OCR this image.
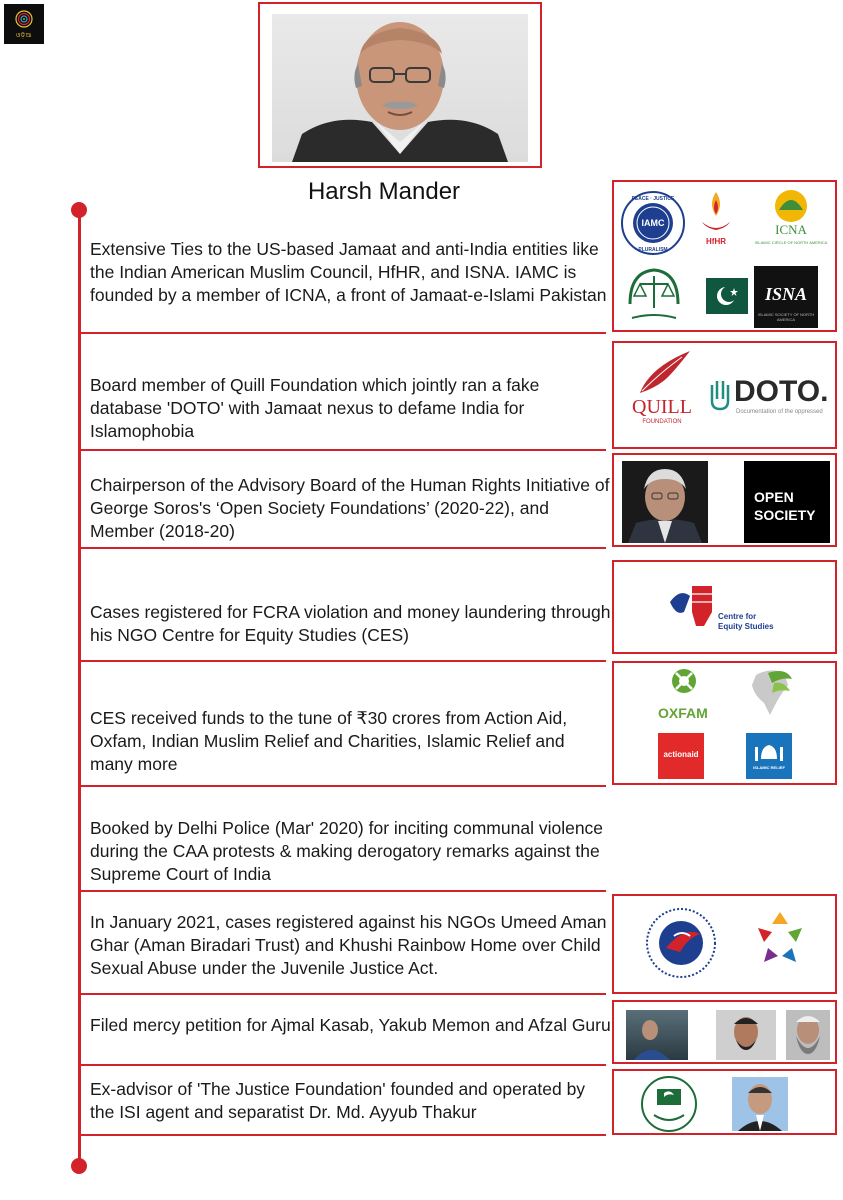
ଓଡ଼ିଆ
Harsh Mander
Extensive Ties to the US-based Jamaat and anti-India entities like the Indian American Muslim Council, HfHR, and ISNA. IAMC is founded by a member of ICNA, a front of Jamaat-e-Islami Pakistan
IAMC
PEACE · JUSTICE
PLURALISM
HfHR
ICNA
ISLAMIC CIRCLE OF NORTH AMERICA
ISNA
ISLAMIC SOCIETY OF NORTH AMERICA
Board member of Quill Foundation which jointly ran a fake database 'DOTO' with Jamaat nexus to defame India for Islamophobia
QUILL
FOUNDATION
DOTO.
Documentation of the oppressed
Chairperson of the Advisory Board of the Human Rights Initiative of George Soros's ‘Open Society Foundations’ (2020-22), and Member (2018-20)
OPEN
SOCIETY
Cases registered for FCRA violation and money laundering through his NGO Centre for Equity Studies (CES)
Centre for
Equity Studies
CES received funds to the tune of ₹30 crores from Action Aid, Oxfam, Indian Muslim Relief and Charities, Islamic Relief and many more
OXFAM
actionaid
ISLAMIC RELIEF
Booked by Delhi Police (Mar' 2020) for inciting communal violence during the CAA protests & making derogatory remarks against the Supreme Court of India
In January 2021, cases registered against his NGOs Umeed Aman Ghar (Aman Biradari Trust) and Khushi Rainbow Home over Child Sexual Abuse under the Juvenile Justice Act.
Filed mercy petition for Ajmal Kasab, Yakub Memon and Afzal Guru
Ex-advisor of 'The Justice Foundation' founded and operated by the ISI agent and separatist Dr. Md. Ayyub Thakur
